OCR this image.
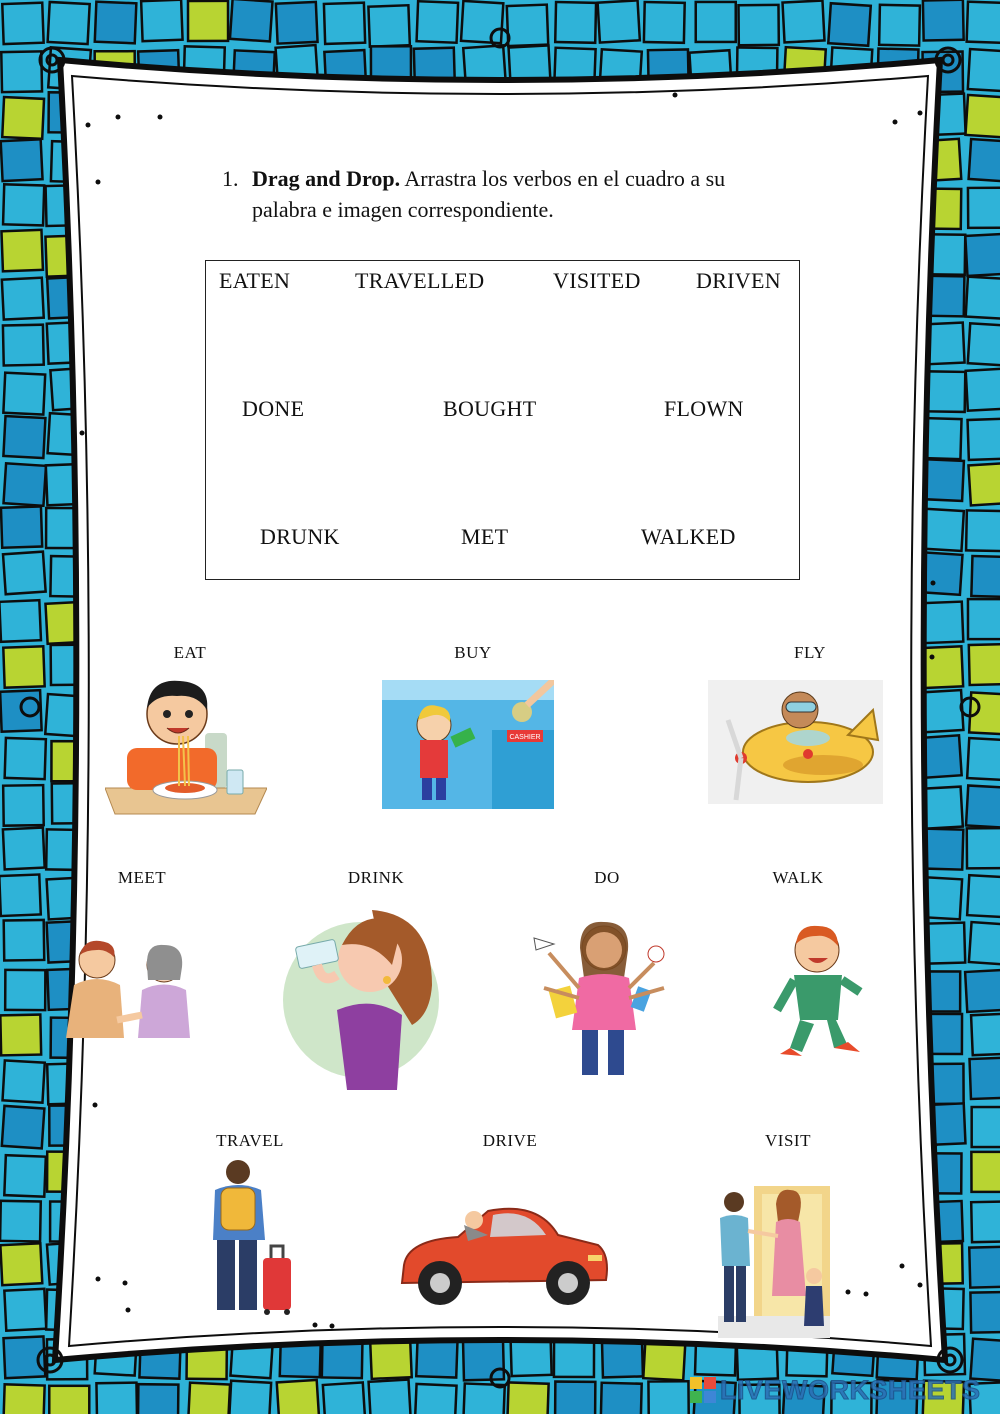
1. Drag and Drop. Arrastra los verbos en el cuadro a su
palabra e imagen correspondiente.
EATEN	TRAVELLED	VISITED	DRIVEN
DONE	BOUGHT	FLOWN
DRUNK	MET	WALKED
EAT	BUY	FLY
CASHIER
MEET	DRINK	DO	WALK
TRAVEL	DRIVE	VISIT
LIVEWORKSHEETS
